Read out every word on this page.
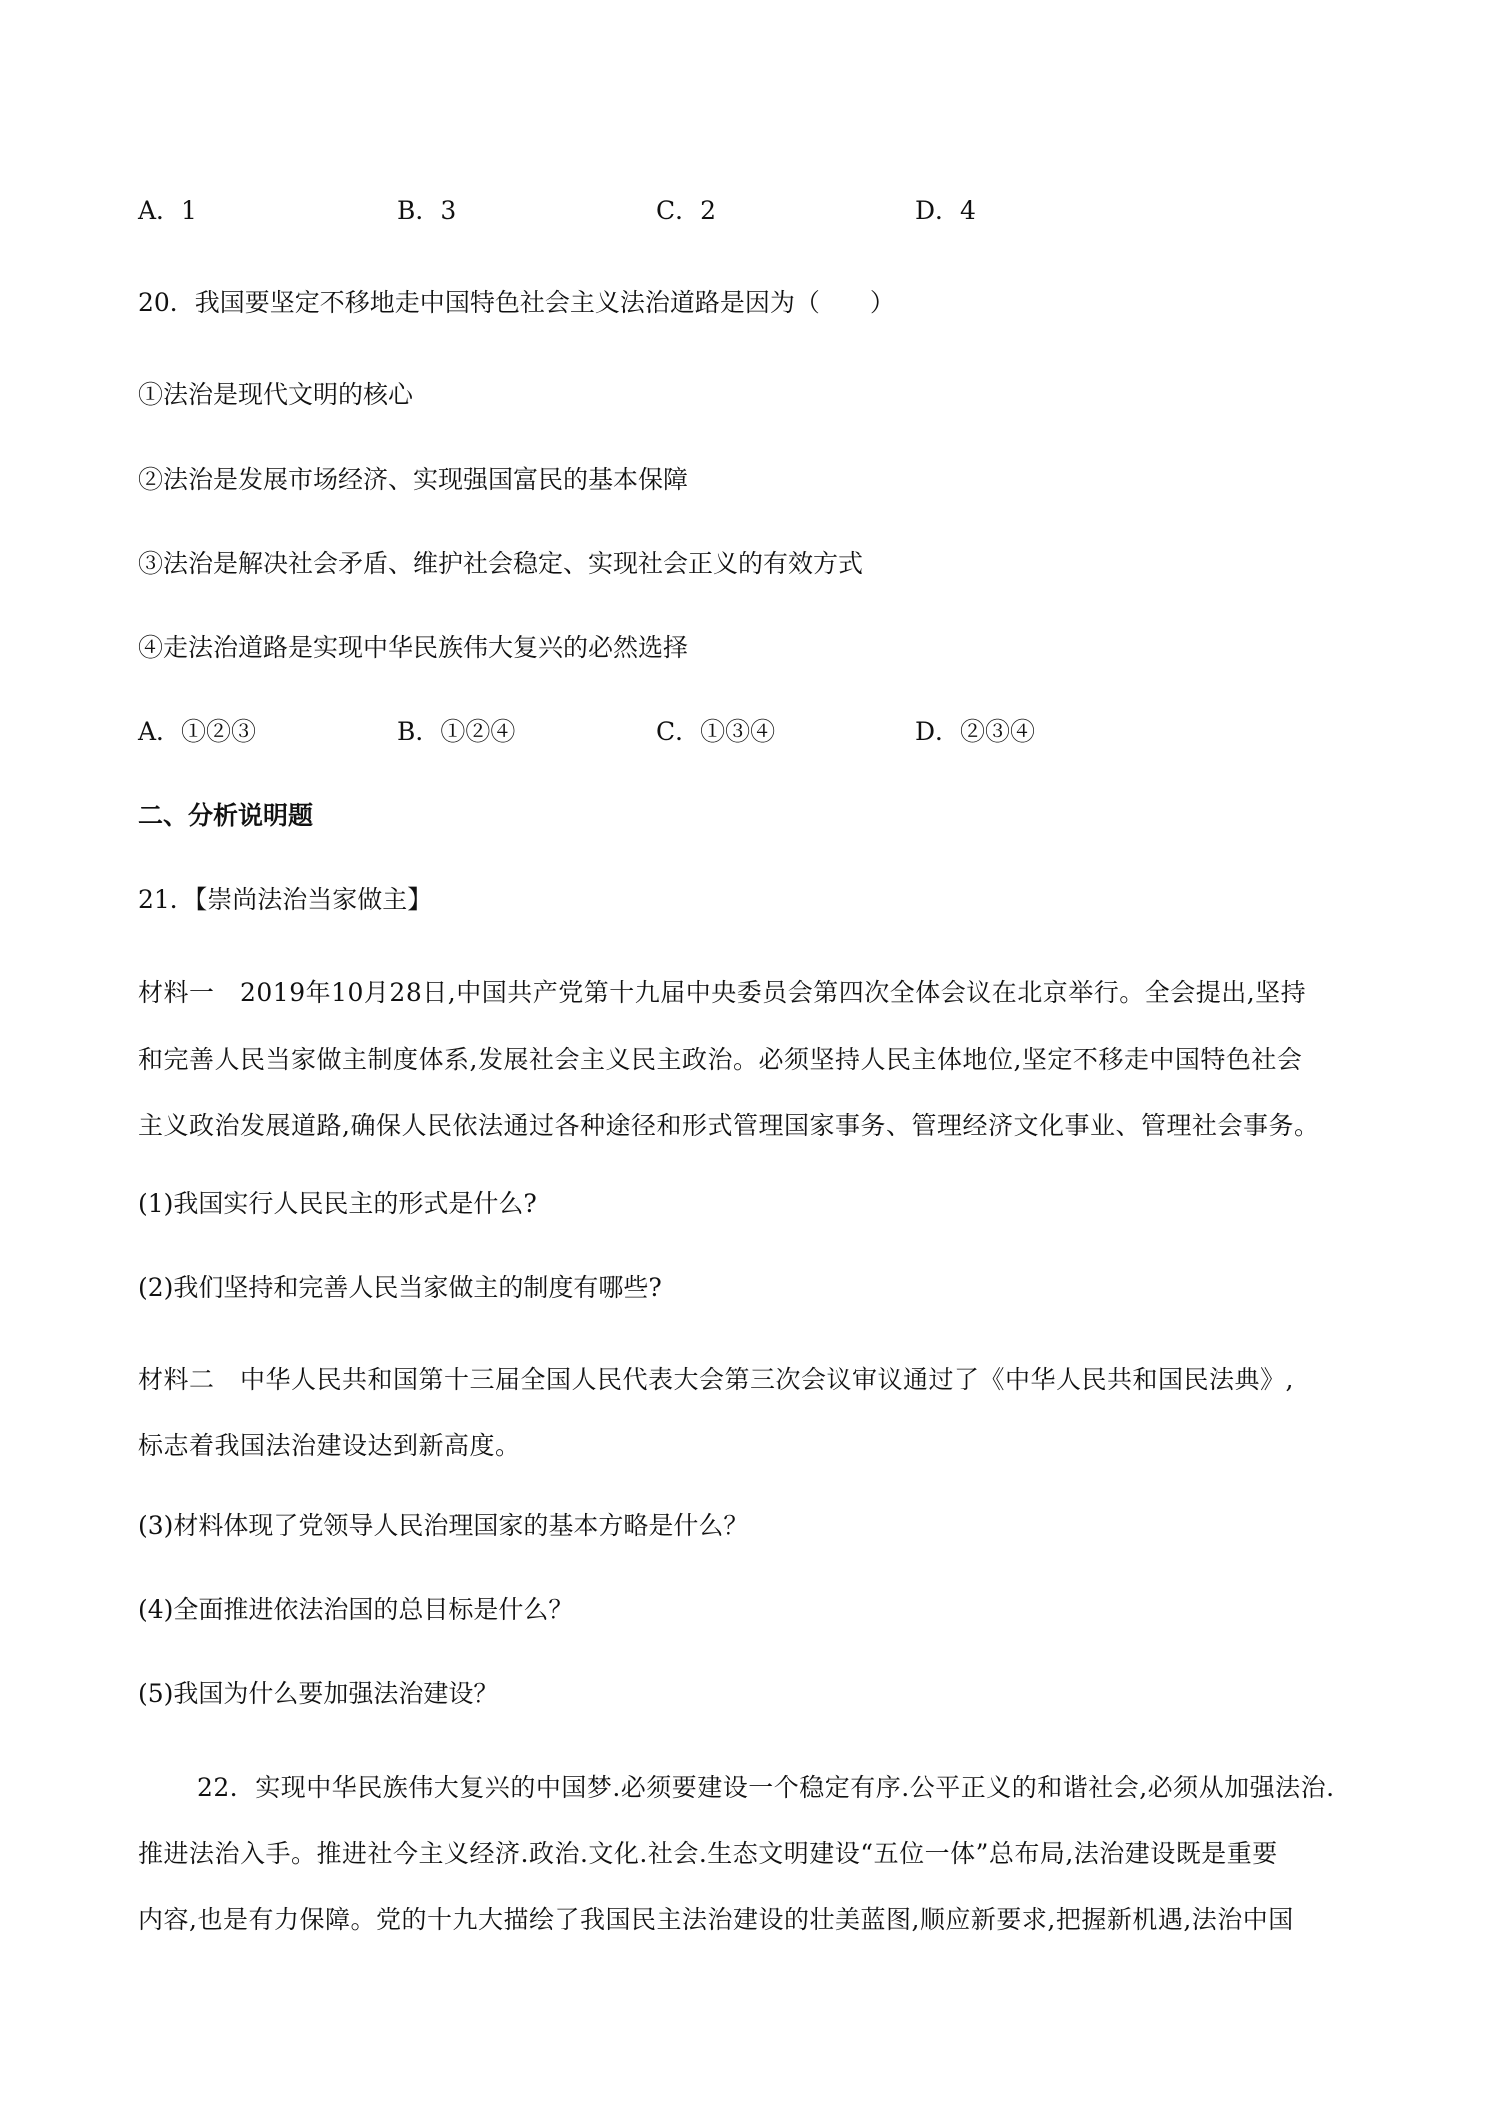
A．1	B．3	C．2	D．4
20．我国要坚定不移地走中国特色社会主义法治道路是因为（　　）
①法治是现代文明的核心
②法治是发展市场经济、实现强国富民的基本保障
③法治是解决社会矛盾、维护社会稳定、实现社会正义的有效方式
④走法治道路是实现中华民族伟大复兴的必然选择
A．①②③	B．①②④	C．①③④	D．②③④
二、分析说明题
21．【崇尚法治当家做主】
材料一　2019年10月28日,中国共产党第十九届中央委员会第四次全体会议在北京举行。全会提出,坚持
和完善人民当家做主制度体系,发展社会主义民主政治。必须坚持人民主体地位,坚定不移走中国特色社会
主义政治发展道路,确保人民依法通过各种途径和形式管理国家事务、管理经济文化事业、管理社会事务。
(1)我国实行人民民主的形式是什么?
(2)我们坚持和完善人民当家做主的制度有哪些?
材料二　中华人民共和国第十三届全国人民代表大会第三次会议审议通过了《中华人民共和国民法典》,
标志着我国法治建设达到新高度。
(3)材料体现了党领导人民治理国家的基本方略是什么？
(4)全面推进依法治国的总目标是什么？
(5)我国为什么要加强法治建设？
22．实现中华民族伟大复兴的中国梦.必须要建设一个稳定有序.公平正义的和谐社会,必须从加强法治.
推进法治入手。推进社今主义经济.政治.文化.社会.生态文明建设“五位一体”总布局,法治建设既是重要
内容,也是有力保障。党的十九大描绘了我国民主法治建设的壮美蓝图,顺应新要求,把握新机遇,法治中国
